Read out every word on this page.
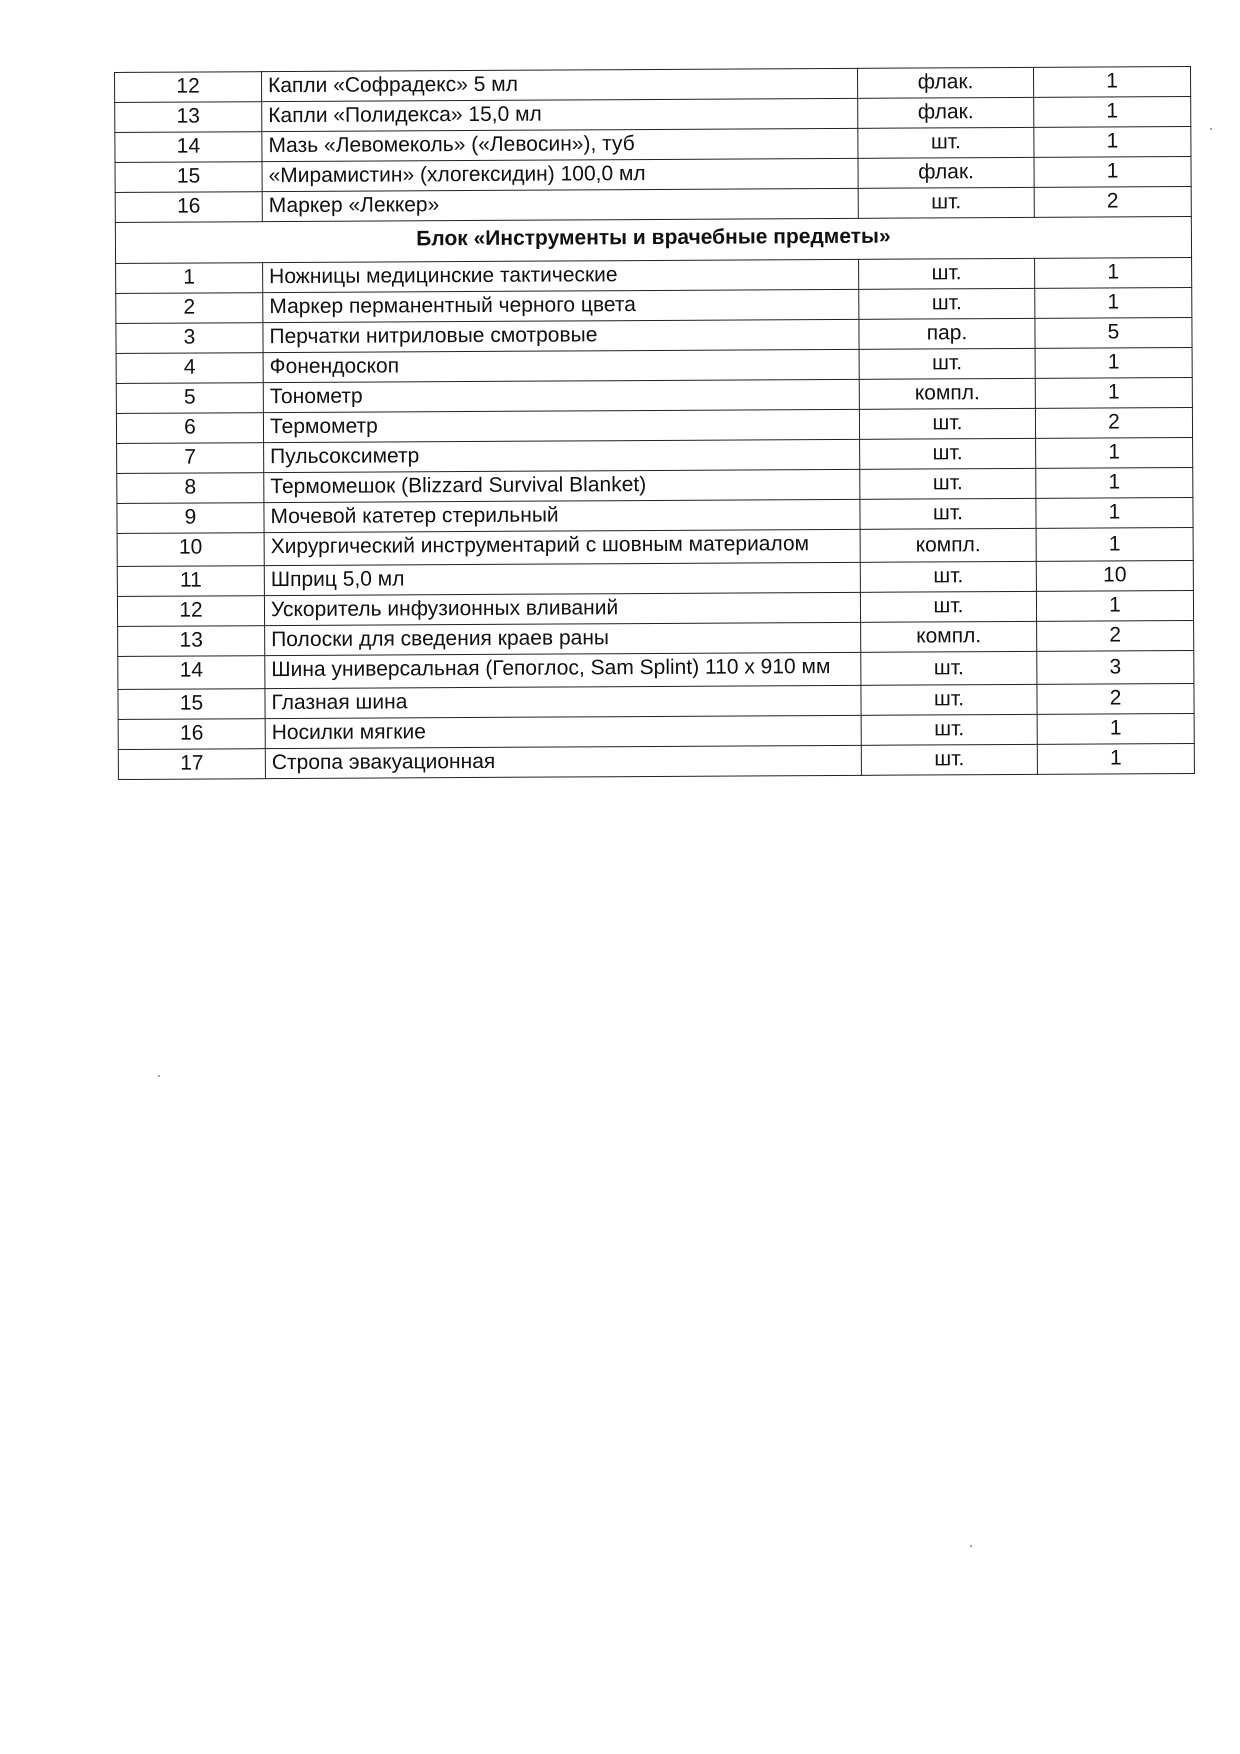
12	Капли «Софрадекс» 5 мл	флак.	1
13	Капли «Полидекса» 15,0 мл	флак.	1
14	Мазь «Левомеколь» («Левосин»), туб	шт.	1
15	«Мирамистин» (хлогексидин) 100,0 мл	флак.	1
16	Маркер «Леккер»	шт.	2
Блок «Инструменты и врачебные предметы»			
1	Ножницы медицинские тактические	шт.	1
2	Маркер перманентный черного цвета	шт.	1
3	Перчатки нитриловые смотровые	пар.	5
4	Фонендоскоп	шт.	1
5	Тонометр	компл.	1
6	Термометр	шт.	2
7	Пульсоксиметр	шт.	1
8	Термомешок (Blizzard Survival Blanket)	шт.	1
9	Мочевой катетер стерильный	шт.	1
10	Хирургический инструментарий с шовным материалом	компл.	1
11	Шприц 5,0 мл	шт.	10
12	Ускоритель инфузионных вливаний	шт.	1
13	Полоски для сведения краев раны	компл.	2
14	Шина универсальная (Гепоглос, Sam Splint) 110 x 910 мм	шт.	3
15	Глазная шина	шт.	2
16	Носилки мягкие	шт.	1
17	Стропа эвакуационная	шт.	1
